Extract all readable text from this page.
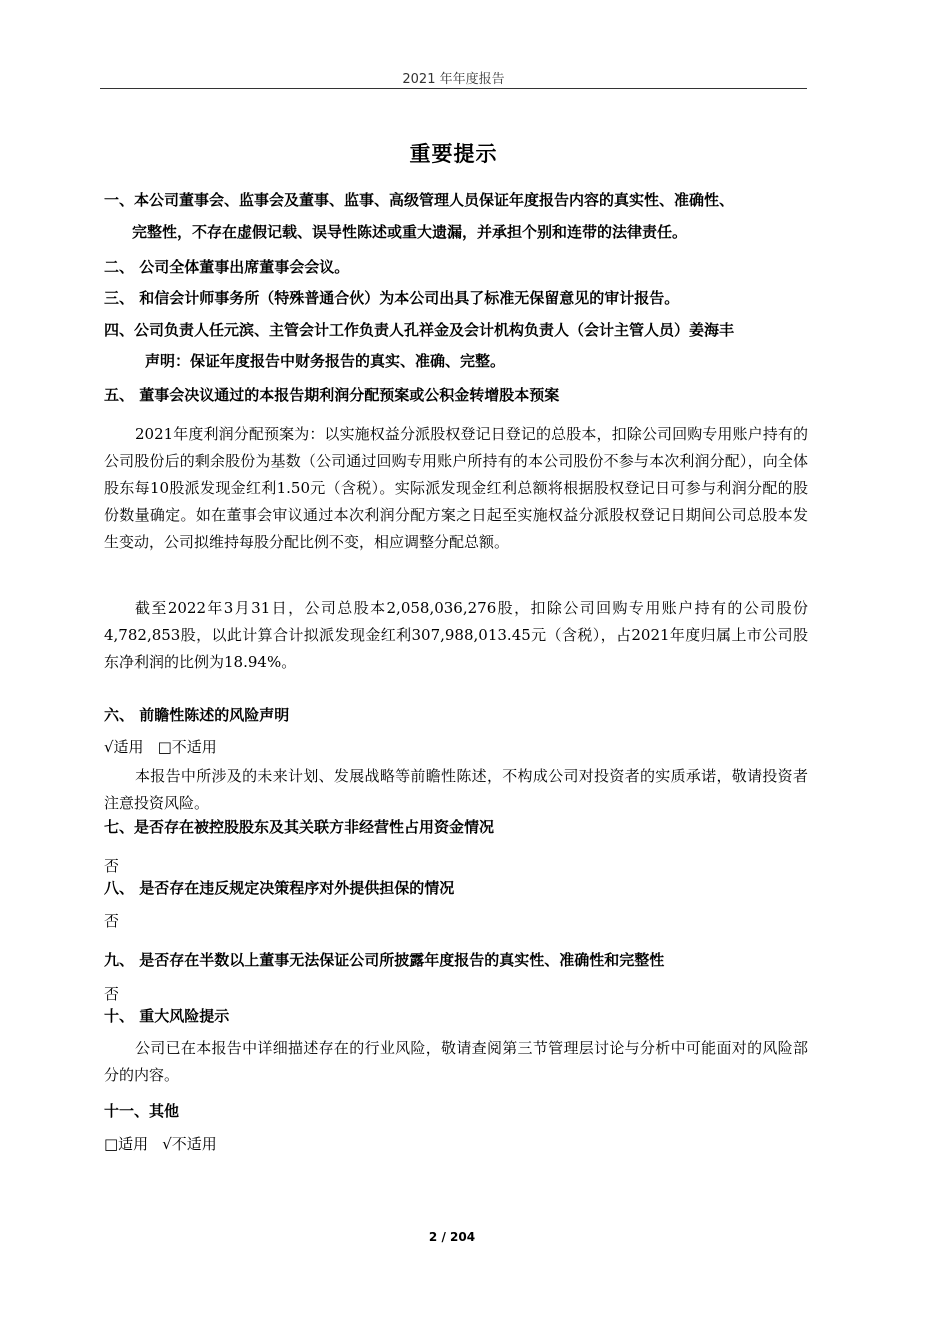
2021 年年度报告
重要提示
一、本公司董事会、监事会及董事、监事、高级管理人员保证年度报告内容的真实性、准确性、
完整性，不存在虚假记载、误导性陈述或重大遗漏，并承担个别和连带的法律责任。
二、 公司全体董事出席董事会会议。
三、 和信会计师事务所（特殊普通合伙）为本公司出具了标准无保留意见的审计报告。
四、公司负责人任元滨、主管会计工作负责人孔祥金及会计机构负责人（会计主管人员）姜海丰
声明：保证年度报告中财务报告的真实、准确、完整。
五、 董事会决议通过的本报告期利润分配预案或公积金转增股本预案
2021年度利润分配预案为：以实施权益分派股权登记日登记的总股本，扣除公司回购专用账户持有的公司股份后的剩余股份为基数（公司通过回购专用账户所持有的本公司股份不参与本次利润分配），向全体股东每10股派发现金红利1.50元（含税）。实际派发现金红利总额将根据股权登记日可参与利润分配的股份数量确定。如在董事会审议通过本次利润分配方案之日起至实施权益分派股权登记日期间公司总股本发生变动，公司拟维持每股分配比例不变，相应调整分配总额。
截至2022年3月31日，公司总股本2,058,036,276股，扣除公司回购专用账户持有的公司股份4,782,853股，以此计算合计拟派发现金红利307,988,013.45元（含税），占2021年度归属上市公司股东净利润的比例为18.94%。
六、 前瞻性陈述的风险声明
√适用 □不适用
本报告中所涉及的未来计划、发展战略等前瞻性陈述，不构成公司对投资者的实质承诺，敬请投资者注意投资风险。
七、是否存在被控股股东及其关联方非经营性占用资金情况
否
八、 是否存在违反规定决策程序对外提供担保的情况
否
九、 是否存在半数以上董事无法保证公司所披露年度报告的真实性、准确性和完整性
否
十、 重大风险提示
公司已在本报告中详细描述存在的行业风险，敬请查阅第三节管理层讨论与分析中可能面对的风险部分的内容。
十一、其他
□适用 √不适用
2 / 204
